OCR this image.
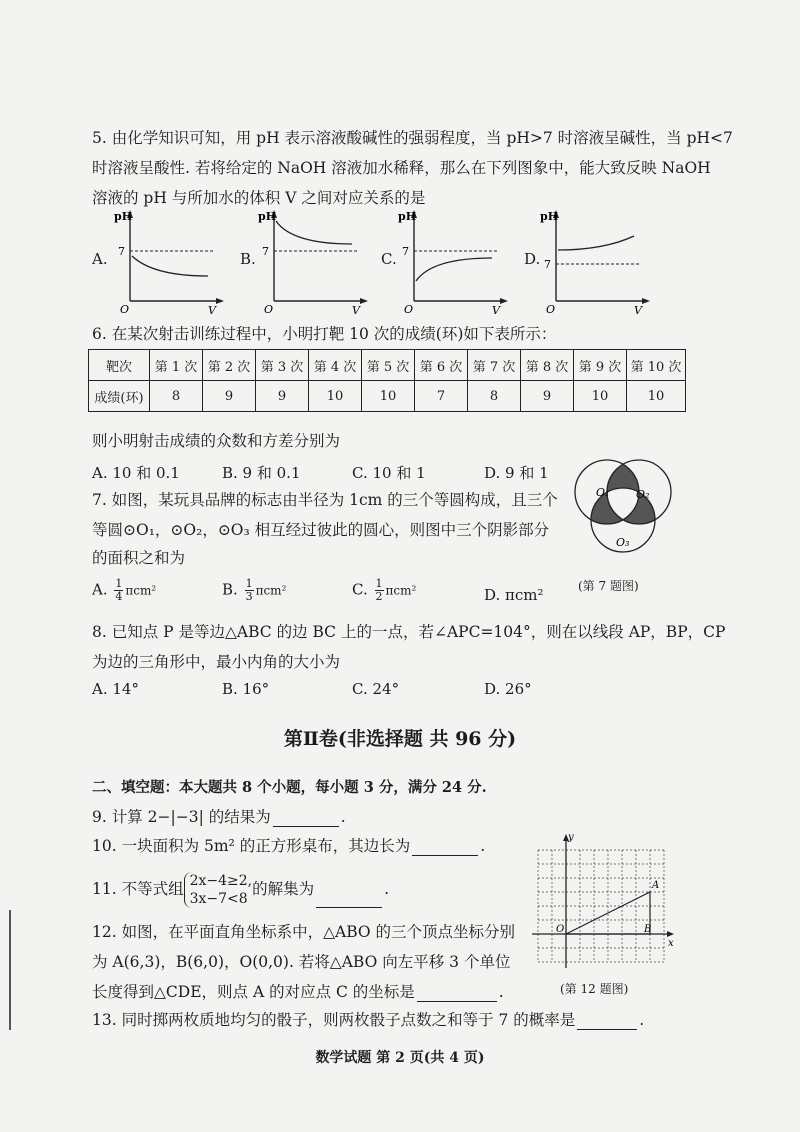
5. 由化学知识可知，用 pH 表示溶液酸碱性的强弱程度，当 pH>7 时溶液呈碱性，当 pH<7
时溶液呈酸性. 若将给定的 NaOH 溶液加水稀释，那么在下列图象中，能大致反映 NaOH
溶液的 pH 与所加水的体积 V 之间对应关系的是
A.
pH
7
O	V
B.
pH
7
O	V
C.
pH
7
O	V
D.
pH
7
O	V
6. 在某次射击训练过程中，小明打靶 10 次的成绩(环)如下表所示：
靶次	第 1 次	第 2 次	第 3 次	第 4 次	第 5 次	第 6 次	第 7 次	第 8 次	第 9 次	第 10 次
成绩(环)	8	9	9	10	10	7	8	9	10	10
则小明射击成绩的众数和方差分别为
A. 10 和 0.1	B. 9 和 0.1	C. 10 和 1	D. 9 和 1
7. 如图，某玩具品牌的标志由半径为 1cm 的三个等圆构成，且三个
等圆⊙O₁，⊙O₂，⊙O₃ 相互经过彼此的圆心，则图中三个阴影部分
的面积之和为
A. $\frac{1}{4} \pi cm^2$	B. $\frac{1}{3} \pi cm^2$	C. $\frac{1}{2} \pi cm^2$	D. πcm²
O₁ O₂
O₃
(第 7 题图)
8. 已知点 P 是等边△ABC 的边 BC 上的一点，若∠APC=104°，则在以线段 AP，BP，CP
为边的三角形中，最小内角的大小为
A. 14°	B. 16°	C. 24°	D. 26°
第Ⅱ卷(非选择题 共 96 分)
二、填空题：本大题共 8 个小题，每小题 3 分，满分 24 分.
9. 计算 2−|−3| 的结果为	.
10. 一块面积为 5m² 的正方形桌布，其边长为	.
11. 不等式组 2x−4≥2,
3x−7<8
的解集为	.
12. 如图，在平面直角坐标系中，△ABO 的三个顶点坐标分别
为 A(6,3)，B(6,0)，O(0,0). 若将△ABO 向左平移 3 个单位
长度得到△CDE，则点 A 的对应点 C 的坐标是	.
y
x
O
A
B
(第 12 题图)
13. 同时掷两枚质地均匀的骰子，则两枚骰子点数之和等于 7 的概率是	.
数学试题 第 2 页(共 4 页)
